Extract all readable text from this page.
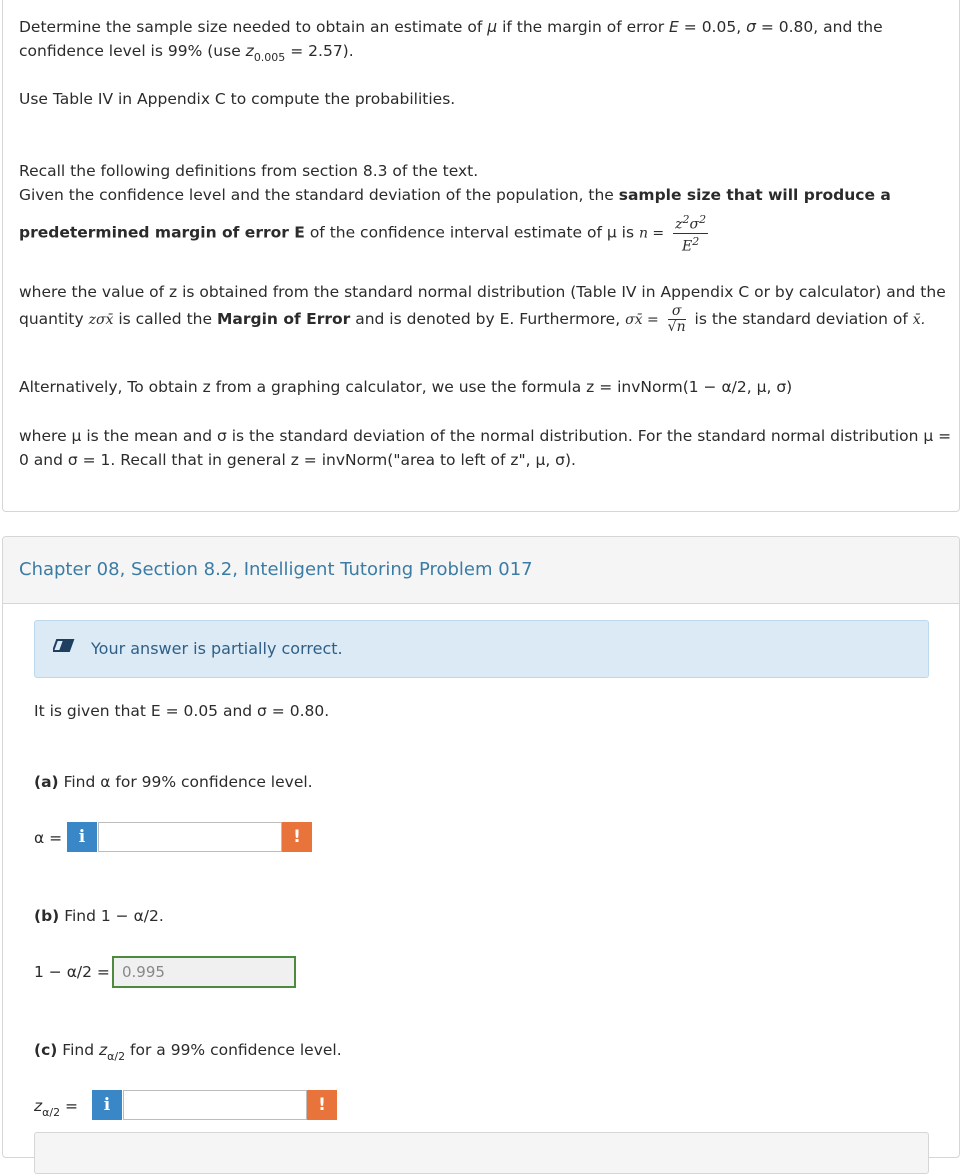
Determine the sample size needed to obtain an estimate of μ if the margin of error E = 0.05, σ = 0.80, and the
confidence level is 99% (use $z_{0.005} = 2.57$).
Use Table IV in Appendix C to compute the probabilities.
Recall the following definitions from section 8.3 of the text.
Given the confidence level and the standard deviation of the population, the sample size that will produce a
predetermined margin of error E of the confidence interval estimate of μ is $n = \frac{z^2\sigma^2}{E^2}$
where the value of z is obtained from the standard normal distribution (Table IV in Appendix C or by calculator) and the
quantity zσx̄ is called the Margin of Error and is denoted by E. Furthermore, σx̄ = $\frac{\sigma}{√n}$ is the standard deviation of x̄.
Alternatively, To obtain z from a graphing calculator, we use the formula z = invNorm(1 − α/2, μ, σ)
where μ is the mean and σ is the standard deviation of the normal distribution. For the standard normal distribution μ =
0 and σ = 1. Recall that in general z = invNorm("area to left of z", μ, σ).
Chapter 08, Section 8.2, Intelligent Tutoring Problem 017
Your answer is partially correct.
It is given that E = 0.05 and σ = 0.80.
(a) Find α for 99% confidence level.
α = i	!
(b) Find 1 − α/2.
1 − α/2 =
0.995
(c) Find $z_{\alpha/2}$ for a 99% confidence level.
$z_{\alpha/2}$ =	i	!
